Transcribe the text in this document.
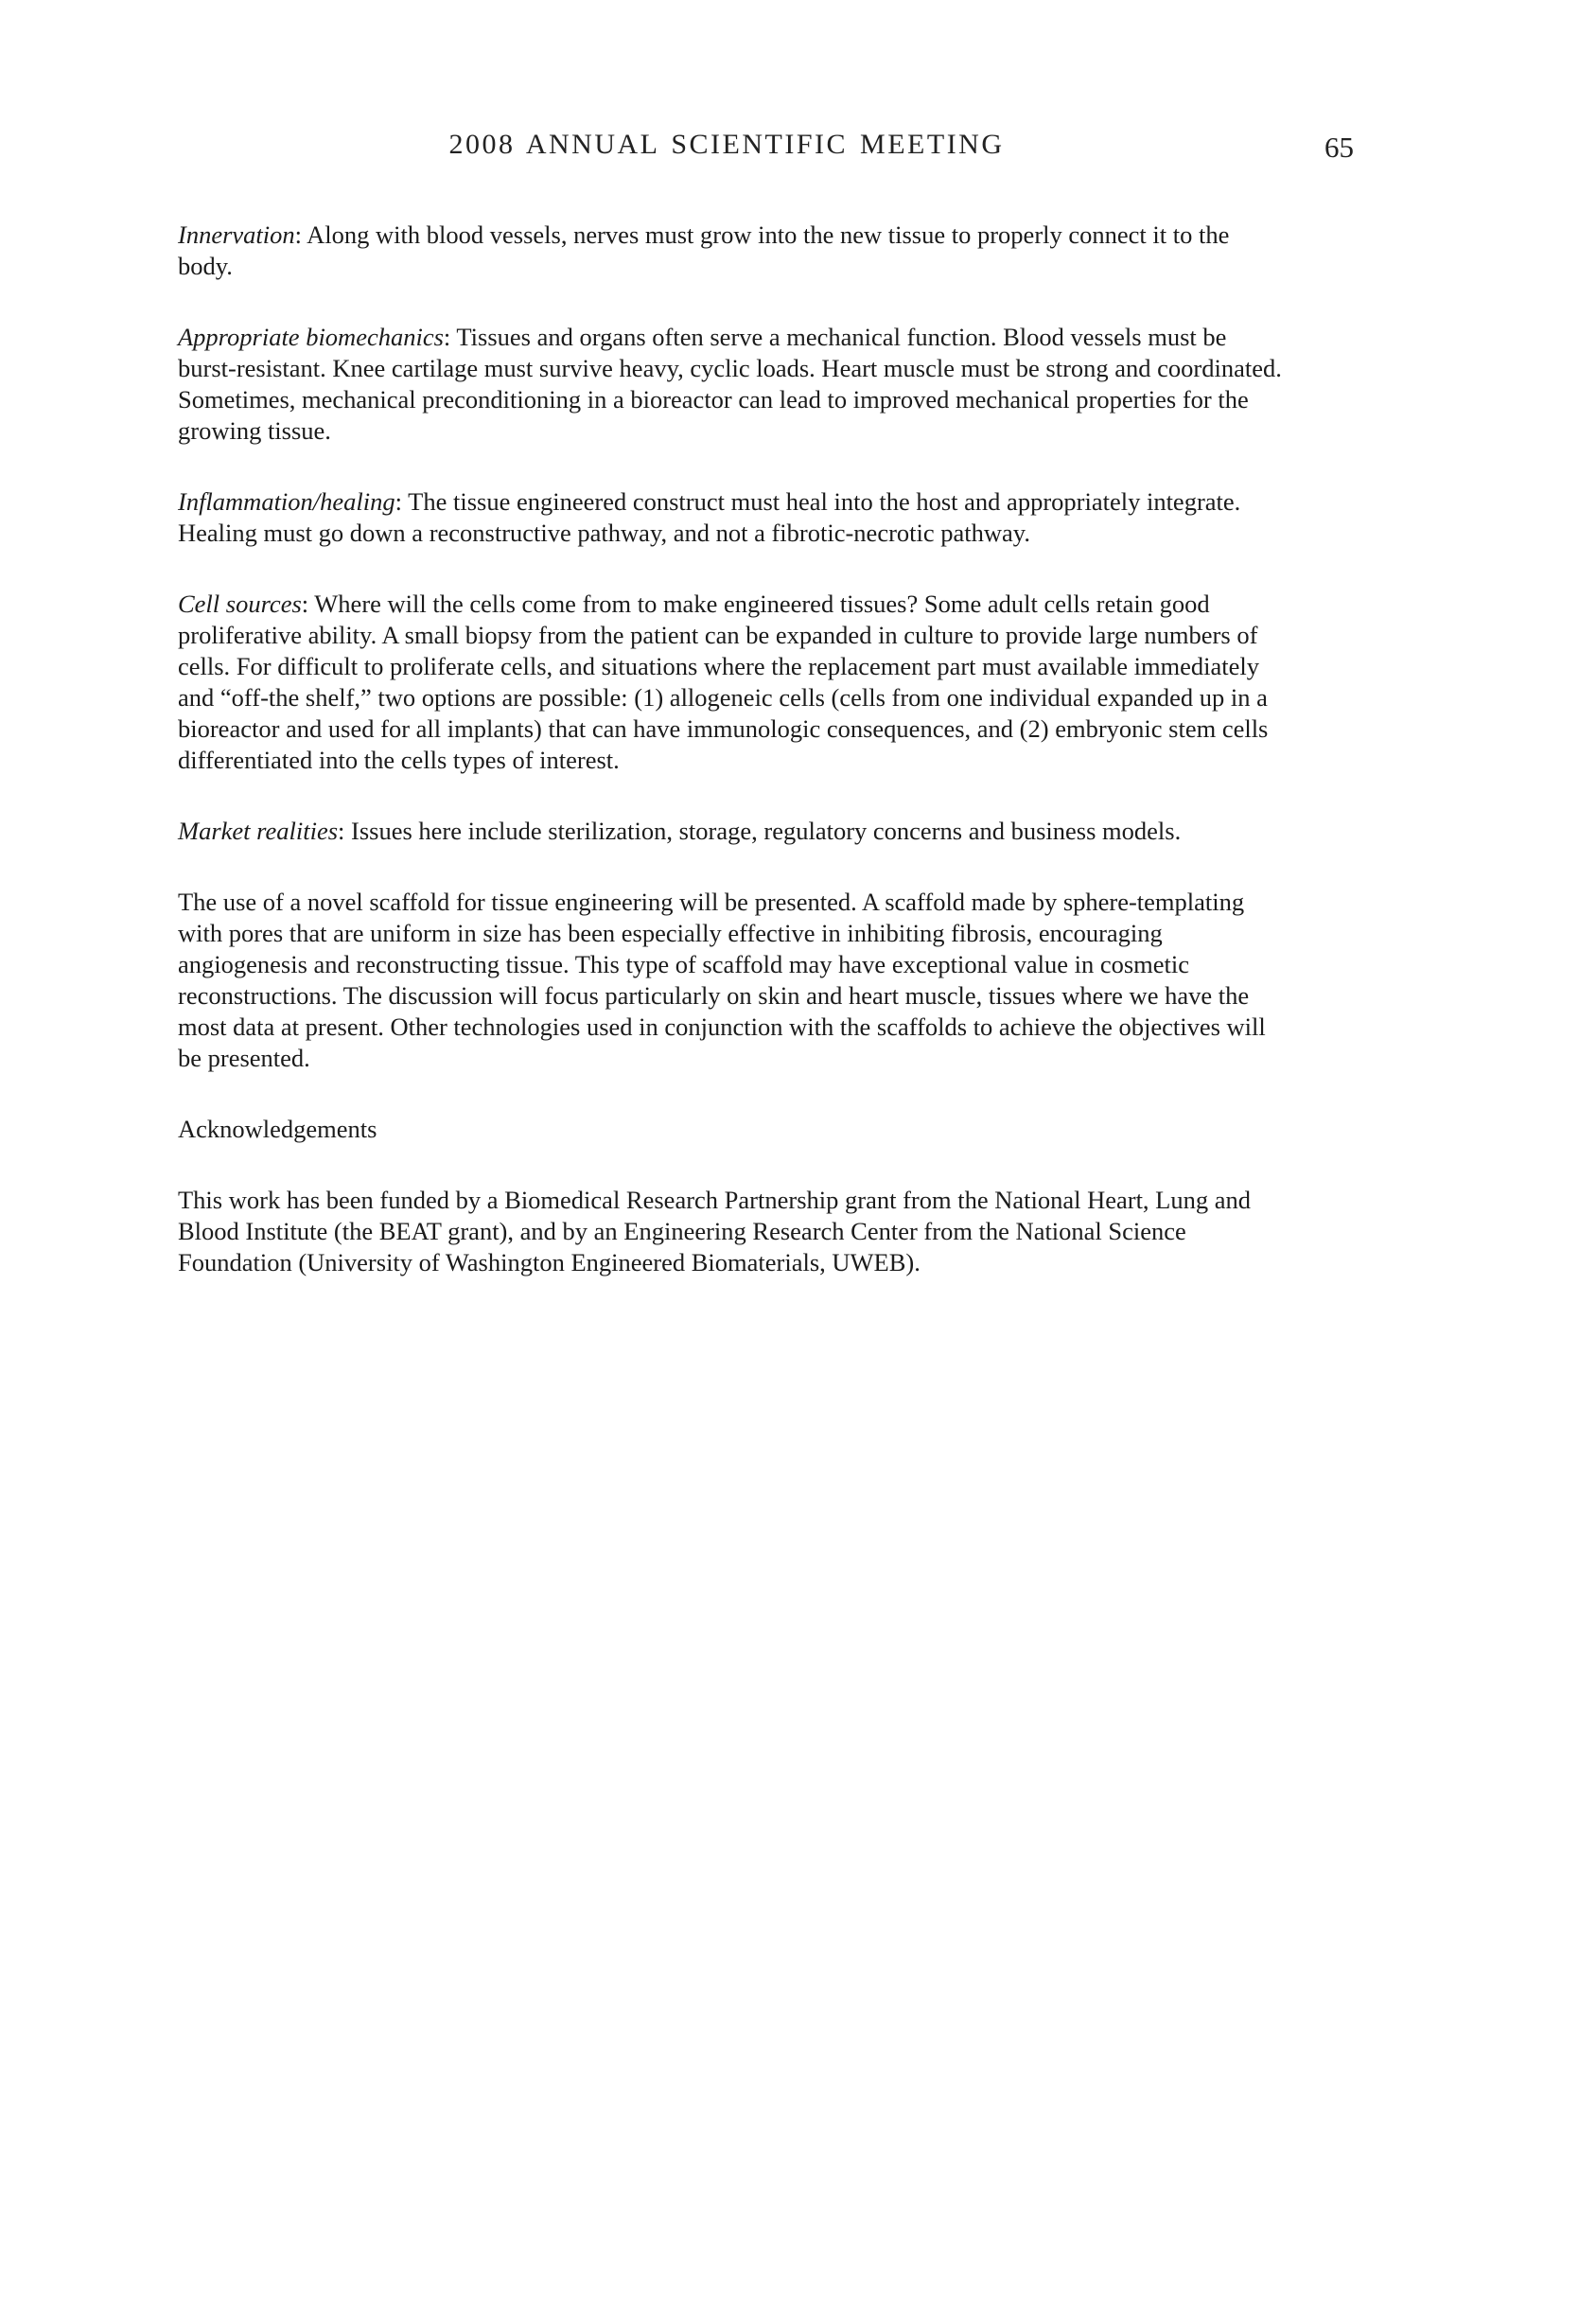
2008 ANNUAL SCIENTIFIC MEETING	65

Innervation: Along with blood vessels, nerves must grow into the new tissue to properly connect it to the body.

Appropriate biomechanics: Tissues and organs often serve a mechanical function. Blood vessels must be burst-resistant. Knee cartilage must survive heavy, cyclic loads. Heart muscle must be strong and coordinated. Sometimes, mechanical preconditioning in a bioreactor can lead to improved mechanical properties for the growing tissue.

Inflammation/healing: The tissue engineered construct must heal into the host and appropriately integrate. Healing must go down a reconstructive pathway, and not a fibrotic-necrotic pathway.

Cell sources: Where will the cells come from to make engineered tissues? Some adult cells retain good proliferative ability. A small biopsy from the patient can be expanded in culture to provide large numbers of cells. For difficult to proliferate cells, and situations where the replacement part must available immediately and “off-the shelf,” two options are possible: (1) allogeneic cells (cells from one individual expanded up in a bioreactor and used for all implants) that can have immunologic consequences, and (2) embryonic stem cells differentiated into the cells types of interest.

Market realities: Issues here include sterilization, storage, regulatory concerns and business models.

The use of a novel scaffold for tissue engineering will be presented. A scaffold made by sphere-templating with pores that are uniform in size has been especially effective in inhibiting fibrosis, encouraging angiogenesis and reconstructing tissue. This type of scaffold may have exceptional value in cosmetic reconstructions. The discussion will focus particularly on skin and heart muscle, tissues where we have the most data at present. Other technologies used in conjunction with the scaffolds to achieve the objectives will be presented.

Acknowledgements

This work has been funded by a Biomedical Research Partnership grant from the National Heart, Lung and Blood Institute (the BEAT grant), and by an Engineering Research Center from the National Science Foundation (University of Washington Engineered Biomaterials, UWEB).
